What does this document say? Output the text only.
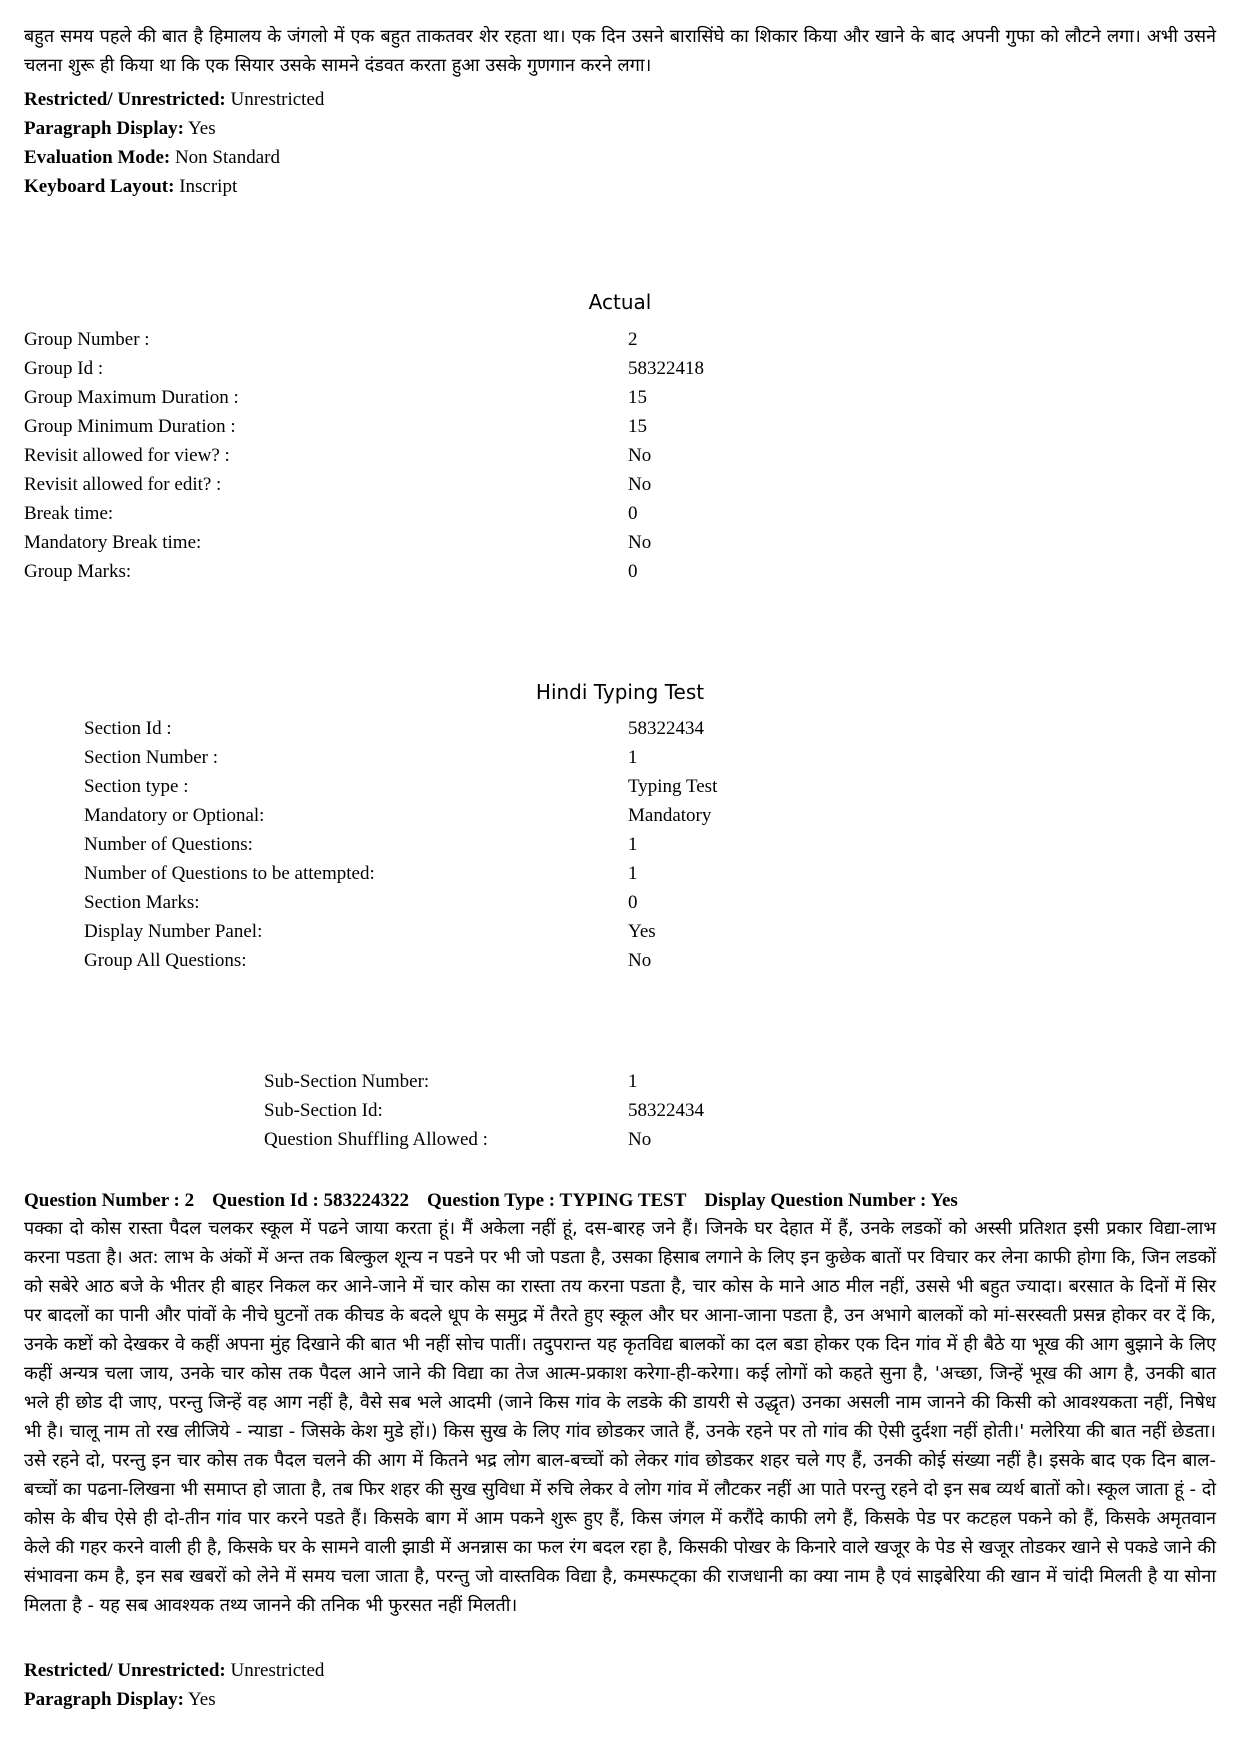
बहुत समय पहले की बात है हिमालय के जंगलो में एक बहुत ताकतवर शेर रहता था। एक दिन उसने बारासिंघे का शिकार किया और खाने के बाद अपनी गुफा को लौटने लगा। अभी उसने चलना शुरू ही किया था कि एक सियार उसके सामने दंडवत करता हुआ उसके गुणगान करने लगा।
Restricted/ Unrestricted: Unrestricted
Paragraph Display: Yes
Evaluation Mode: Non Standard
Keyboard Layout: Inscript
Actual
Group Number :	2
Group Id :	58322418
Group Maximum Duration :	15
Group Minimum Duration :	15
Revisit allowed for view? :	No
Revisit allowed for edit? :	No
Break time:	0
Mandatory Break time:	No
Group Marks:	0
Hindi Typing Test
Section Id :	58322434
Section Number :	1
Section type :	Typing Test
Mandatory or Optional:	Mandatory
Number of Questions:	1
Number of Questions to be attempted:	1
Section Marks:	0
Display Number Panel:	Yes
Group All Questions:	No
Sub-Section Number:	1
Sub-Section Id:	58322434
Question Shuffling Allowed :	No
Question Number : 2 Question Id : 583224322 Question Type : TYPING TEST Display Question Number : Yes
पक्का दो कोस रास्ता पैदल चलकर स्कूल में पढने जाया करता हूं। मैं अकेला नहीं हूं, दस-बारह जने हैं। जिनके घर देहात में हैं, उनके लडकों को अस्सी प्रतिशत इसी प्रकार विद्या-लाभ करना पडता है। अत: लाभ के अंकों में अन्त तक बिल्कुल शून्य न पडने पर भी जो पडता है, उसका हिसाब लगाने के लिए इन कुछेक बातों पर विचार कर लेना काफी होगा कि, जिन लडकों को सबेरे आठ बजे के भीतर ही बाहर निकल कर आने-जाने में चार कोस का रास्ता तय करना पडता है, चार कोस के माने आठ मील नहीं, उससे भी बहुत ज्यादा। बरसात के दिनों में सिर पर बादलों का पानी और पांवों के नीचे घुटनों तक कीचड के बदले धूप के समुद्र में तैरते हुए स्कूल और घर आना-जाना पडता है, उन अभागे बालकों को मां-सरस्वती प्रसन्न होकर वर दें कि, उनके कष्टों को देखकर वे कहीं अपना मुंह दिखाने की बात भी नहीं सोच पातीं। तदुपरान्त यह कृतविद्य बालकों का दल बडा होकर एक दिन गांव में ही बैठे या भूख की आग बुझाने के लिए कहीं अन्यत्र चला जाय, उनके चार कोस तक पैदल आने जाने की विद्या का तेज आत्म-प्रकाश करेगा-ही-करेगा। कई लोगों को कहते सुना है, 'अच्छा, जिन्हें भूख की आग है, उनकी बात भले ही छोड दी जाए, परन्तु जिन्हें वह आग नहीं है, वैसे सब भले आदमी (जाने किस गांव के लडके की डायरी से उद्धृत) उनका असली नाम जानने की किसी को आवश्यकता नहीं, निषेध भी है। चालू नाम तो रख लीजिये - न्याडा - जिसके केश मुडे हों।) किस सुख के लिए गांव छोडकर जाते हैं, उनके रहने पर तो गांव की ऐसी दुर्दशा नहीं होती।' मलेरिया की बात नहीं छेडता। उसे रहने दो, परन्तु इन चार कोस तक पैदल चलने की आग में कितने भद्र लोग बाल-बच्चों को लेकर गांव छोडकर शहर चले गए हैं, उनकी कोई संख्या नहीं है। इसके बाद एक दिन बाल-बच्चों का पढना-लिखना भी समाप्त हो जाता है, तब फिर शहर की सुख सुविधा में रुचि लेकर वे लोग गांव में लौटकर नहीं आ पाते परन्तु रहने दो इन सब व्यर्थ बातों को। स्कूल जाता हूं - दो कोस के बीच ऐसे ही दो-तीन गांव पार करने पडते हैं। किसके बाग में आम पकने शुरू हुए हैं, किस जंगल में करौंदे काफी लगे हैं, किसके पेड पर कटहल पकने को हैं, किसके अमृतवान केले की गहर करने वाली ही है, किसके घर के सामने वाली झाडी में अनन्नास का फल रंग बदल रहा है, किसकी पोखर के किनारे वाले खजूर के पेड से खजूर तोडकर खाने से पकडे जाने की संभावना कम है, इन सब खबरों को लेने में समय चला जाता है, परन्तु जो वास्तविक विद्या है, कमस्फट्का की राजधानी का क्या नाम है एवं साइबेरिया की खान में चांदी मिलती है या सोना मिलता है - यह सब आवश्यक तथ्य जानने की तनिक भी फुरसत नहीं मिलती।
Restricted/ Unrestricted: Unrestricted
Paragraph Display: Yes
